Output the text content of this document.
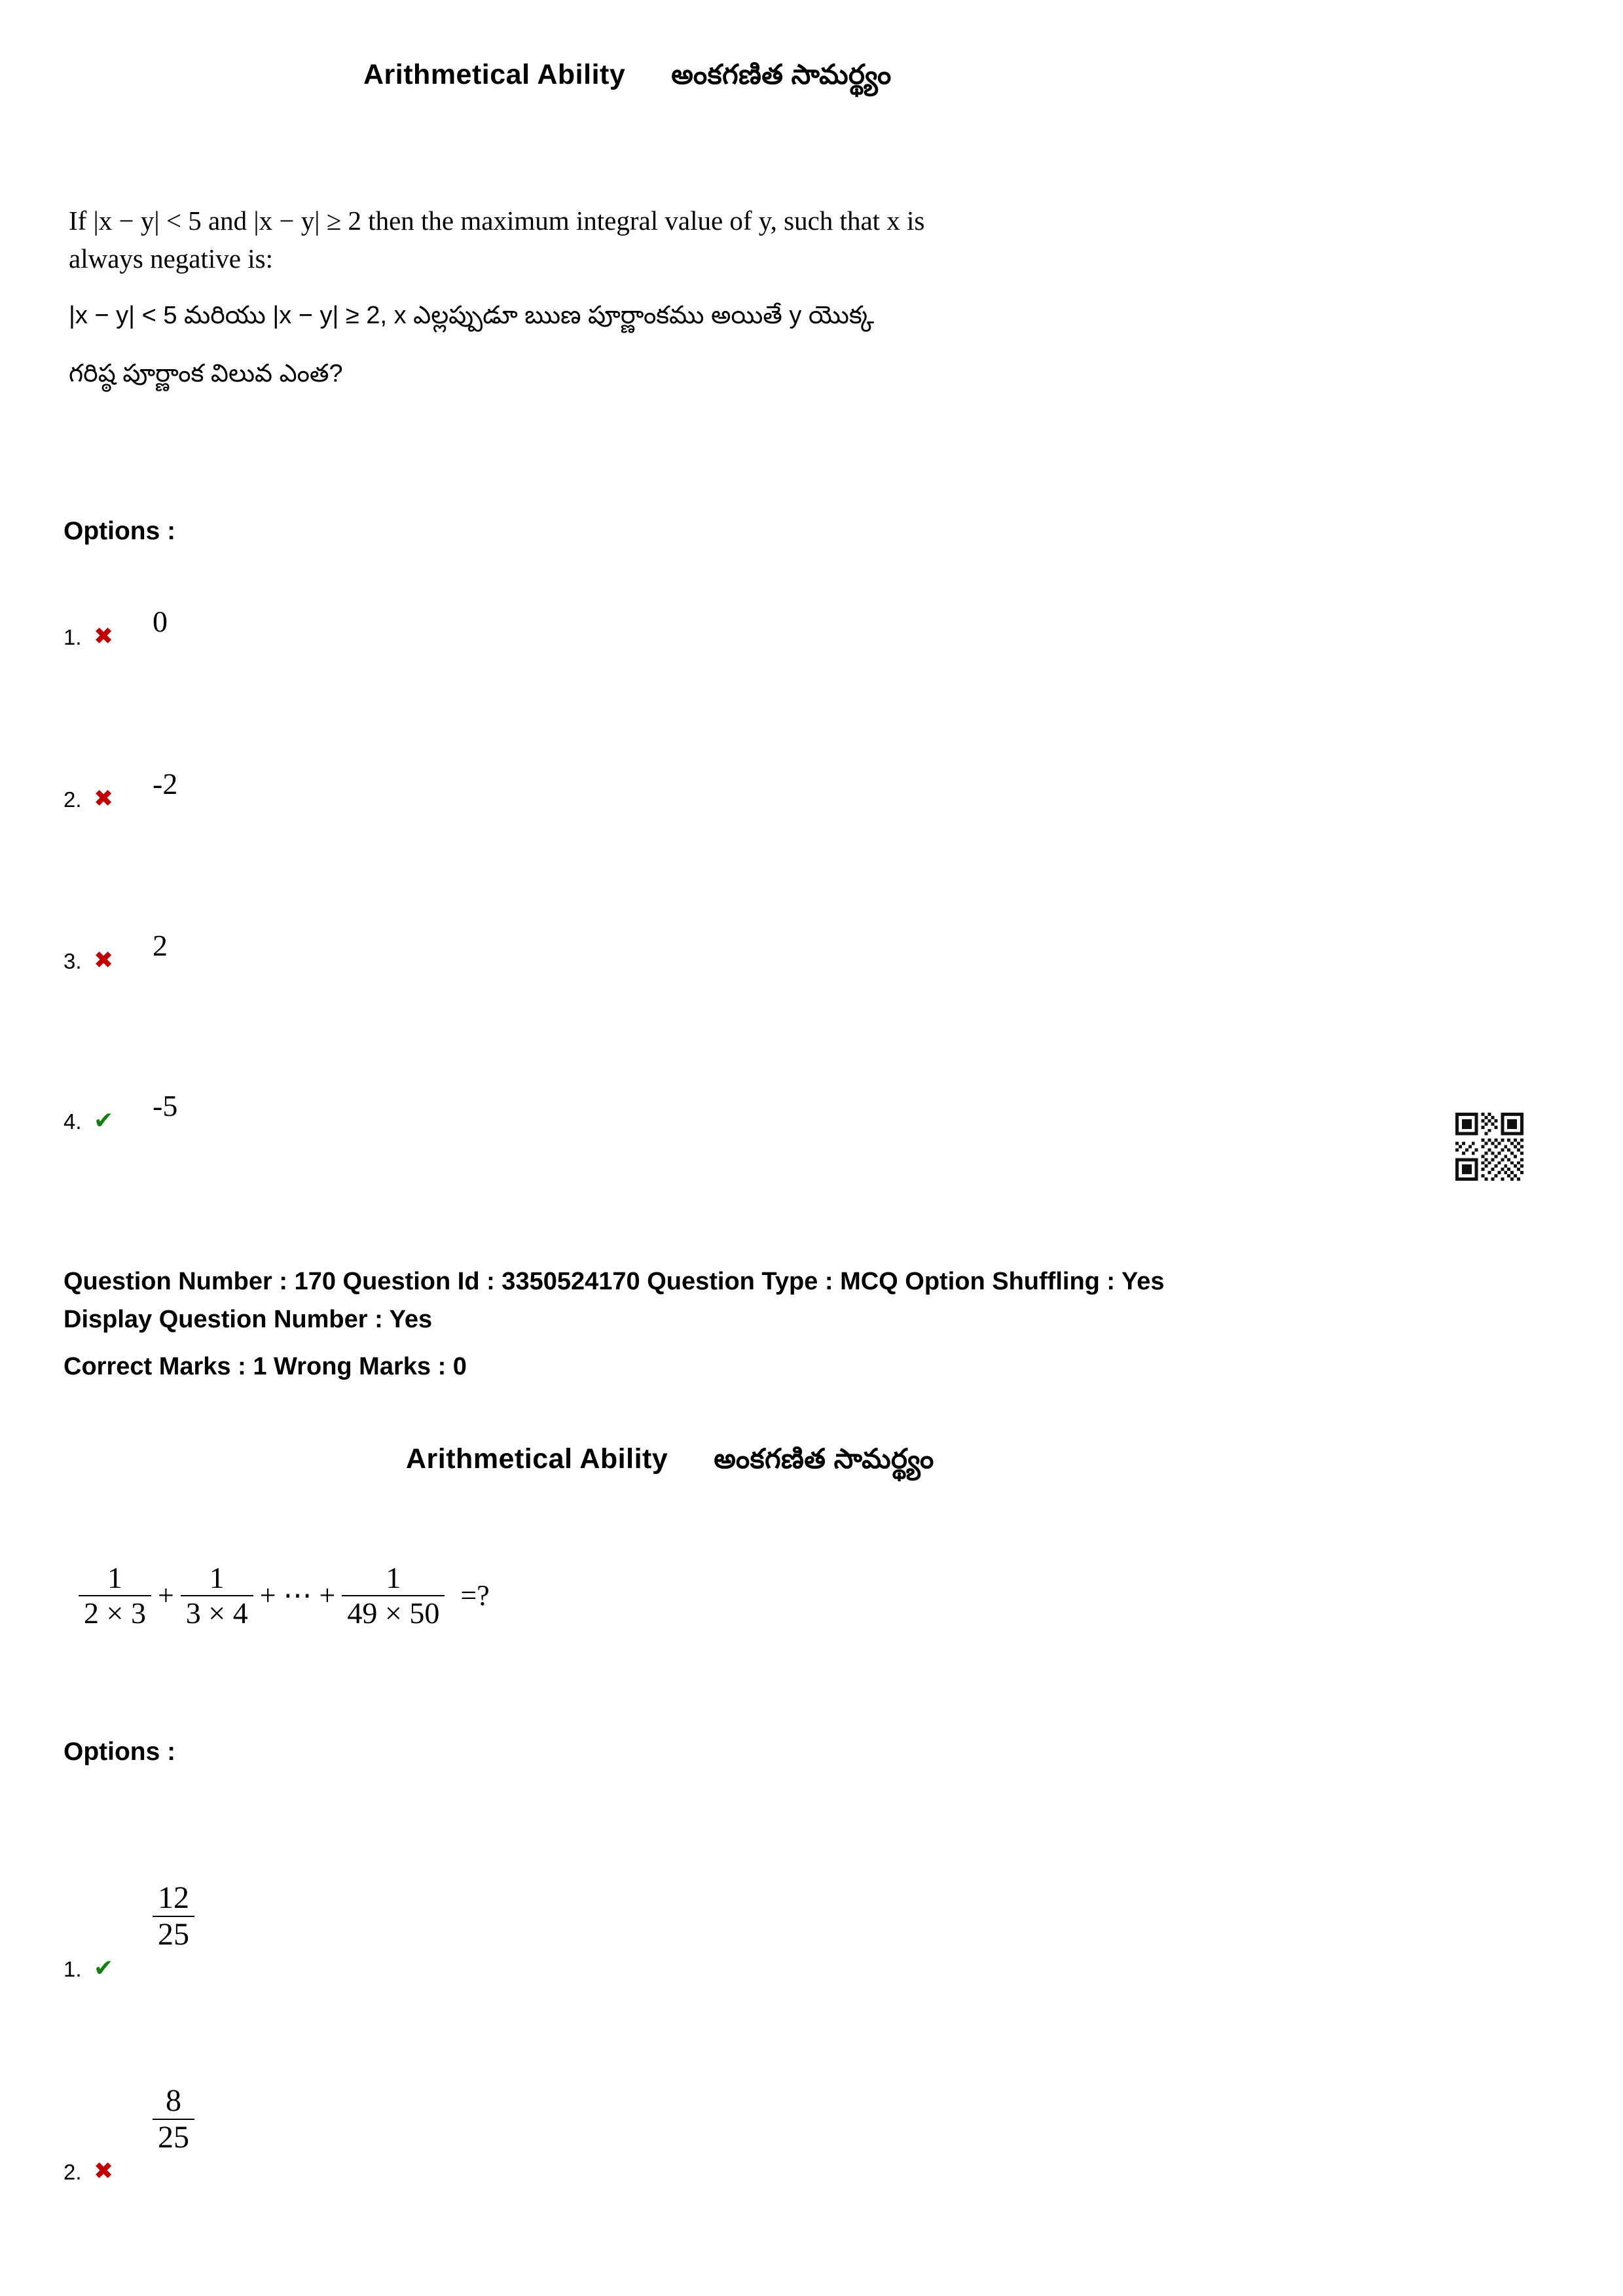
Arithmetical Ability అంకగణిత సామర్థ్యం
If |x − y| < 5 and |x − y| ≥ 2 then the maximum integral value of y, such that x is
always negative is:
|x − y| < 5 మరియు |x − y| ≥ 2, x ఎల్లప్పుడూ ఋణ పూర్ణాంకము అయితే y యొక్క
గరిష్ఠ పూర్ణాంక విలువ ఎంత?
Options :
1. ✖	0
2. ✖	-2
3. ✖	2
4. ✔	-5
Question Number : 170 Question Id : 3350524170 Question Type : MCQ Option Shuffling : Yes
Display Question Number : Yes
Correct Marks : 1 Wrong Marks : 0
Arithmetical Ability అంకగణిత సామర్థ్యం
$\frac{1}{2 \times 3} + \frac{1}{3 \times 4}$ + ⋯ + $\frac{1}{49 \times 50}$ =?
Options :
1. ✔
$\frac{12}{25}$
2. ✖
$\frac{8}{25}$
